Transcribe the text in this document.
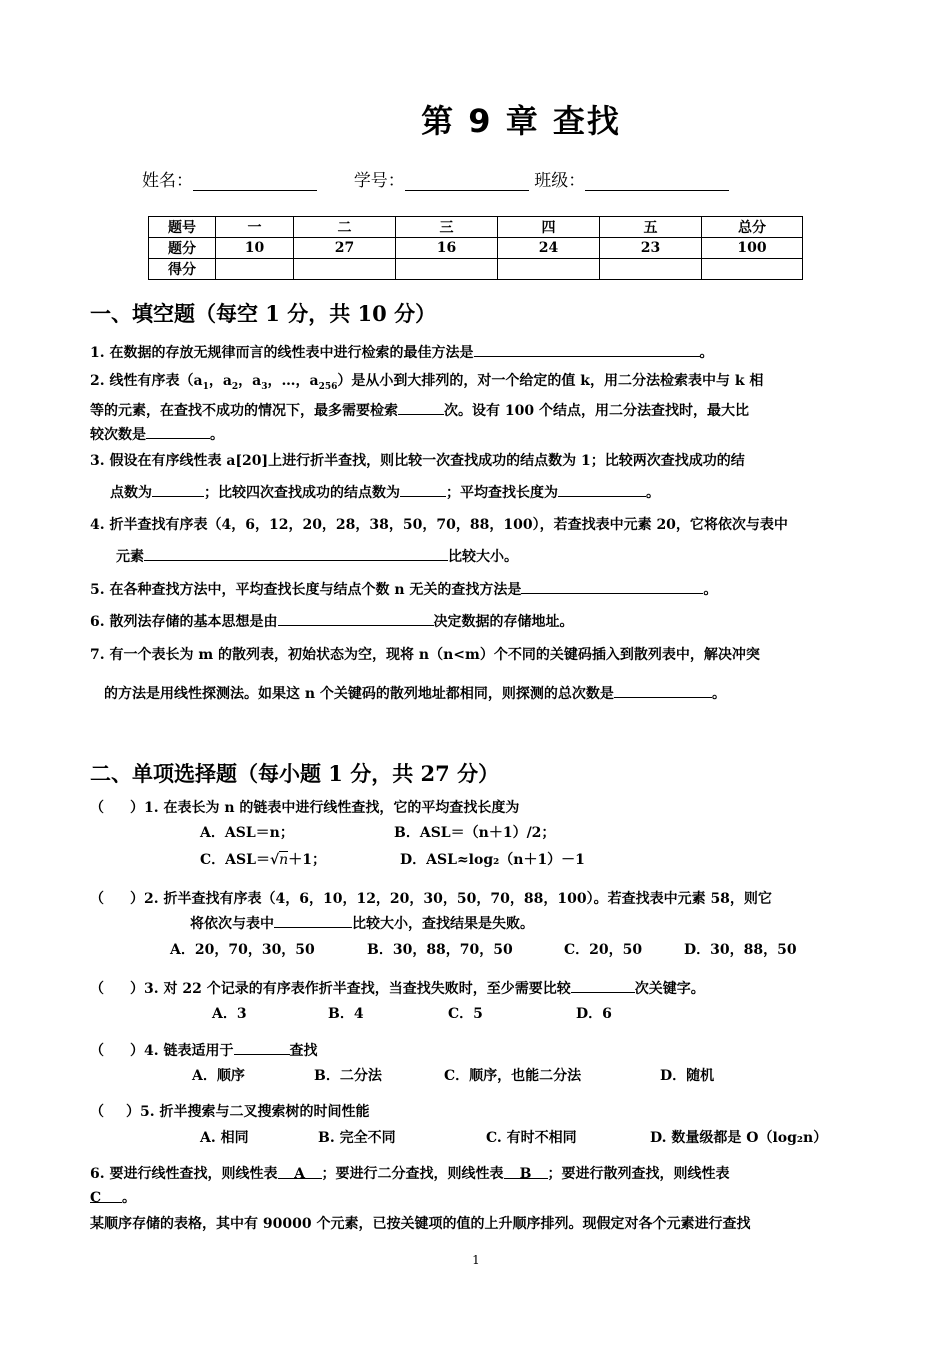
第 9 章 查找
姓名：	学号：	班级：
题号	一	二	三	四	五	总分
题分	10	27	16	24	23	100
得分						
一、填空题（每空 1 分，共 10 分）
1. 在数据的存放无规律而言的线性表中进行检索的最佳方法是	。
2. 线性有序表（$a_1$，$a_2$，$a_3$，…，$a_{256}$）是从小到大排列的，对一个给定的值 k，用二分法检索表中与 k 相
等的元素，在查找不成功的情况下，最多需要检索	次。设有 100 个结点，用二分法查找时，最大比
较次数是	。
3. 假设在有序线性表 a[20]上进行折半查找，则比较一次查找成功的结点数为 1；比较两次查找成功的结
点数为	；比较四次查找成功的结点数为	；平均查找长度为	。
4. 折半查找有序表（4，6，12，20，28，38，50，70，88，100），若查找表中元素 20，它将依次与表中
元素	比较大小。
5. 在各种查找方法中，平均查找长度与结点个数 n 无关的查找方法是	。
6. 散列法存储的基本思想是由	决定数据的存储地址。
7. 有一个表长为 m 的散列表，初始状态为空，现将 n（n<m）个不同的关键码插入到散列表中，解决冲突
的方法是用线性探测法。如果这 n 个关键码的散列地址都相同，则探测的总次数是	。
二、单项选择题（每小题 1 分，共 27 分）
（ ）1. 在表长为 n 的链表中进行线性查找，它的平均查找长度为
A．ASL＝n；	B．ASL＝（n＋1）/2；
C．ASL＝√n＋1；	D．ASL≈log₂（n＋1）－1
（ ）2. 折半查找有序表（4，6，10，12，20，30，50，70，88，100）。若查找表中元素 58，则它
将依次与表中	比较大小，查找结果是失败。
A．20，70，30，50	B．30，88，70，50	C．20，50	D．30，88，50
（ ）3. 对 22 个记录的有序表作折半查找，当查找失败时，至少需要比较	次关键字。
A．3	B．4	C．5	D．6
（ ）4. 链表适用于	查找
A．顺序	B．二分法	C．顺序，也能二分法	D．随机
（ ）5. 折半搜索与二叉搜索树的时间性能
A. 相同	B. 完全不同	C. 有时不相同	D. 数量级都是 O（log₂n）
6. 要进行线性查找，则线性表 A ；要进行二分查找，则线性表 B ；要进行散列查找，则线性表
C 。
某顺序存储的表格，其中有 90000 个元素，已按关键项的值的上升顺序排列。现假定对各个元素进行查找
1
